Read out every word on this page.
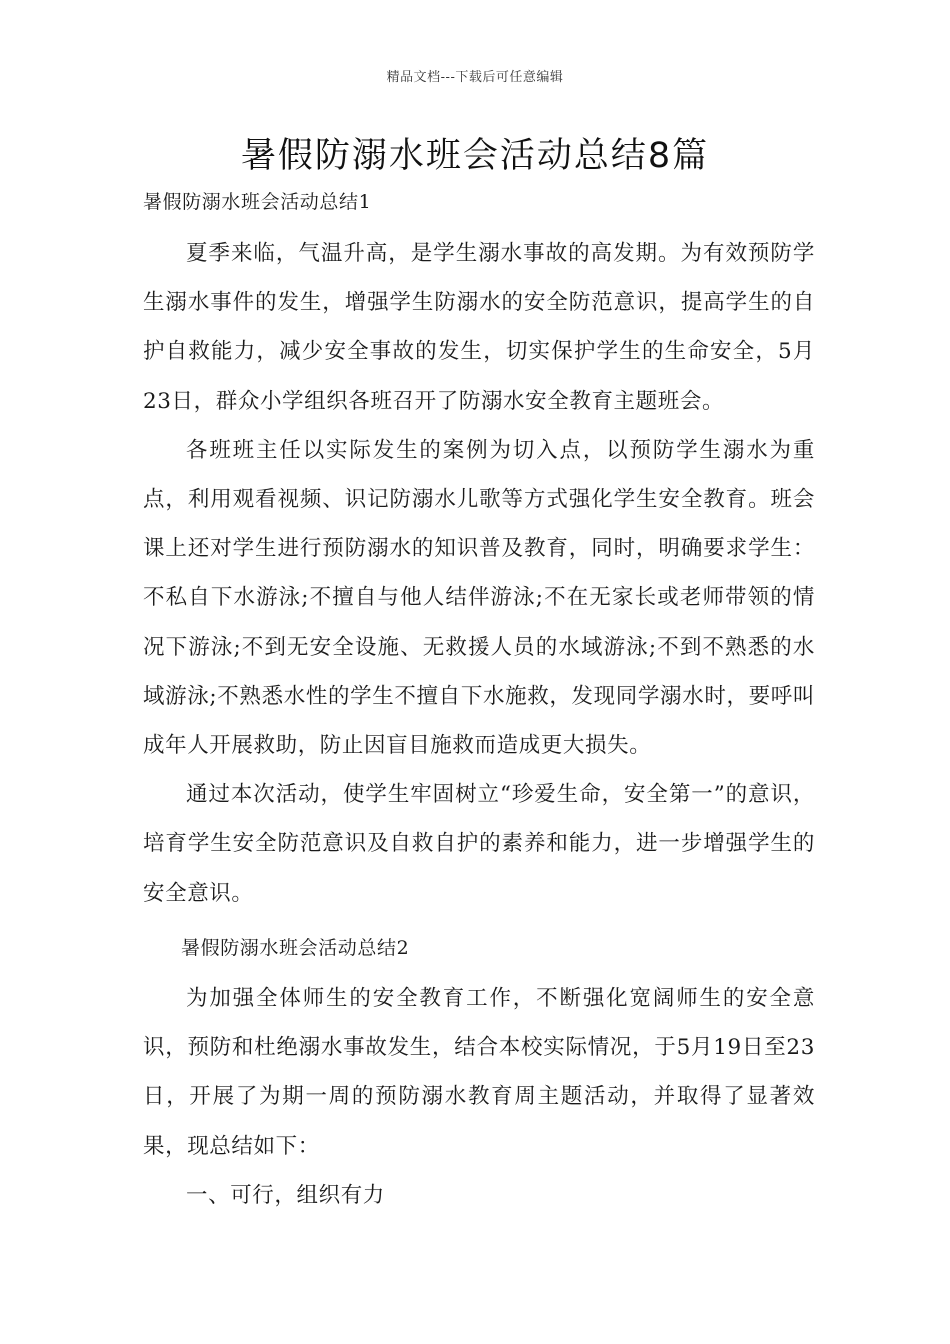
精品文档---下载后可任意编辑
暑假防溺水班会活动总结8篇
暑假防溺水班会活动总结1

夏季来临，气温升高，是学生溺水事故的高发期。为有效预防学生溺水事件的发生，增强学生防溺水的安全防范意识，提高学生的自护自救能力，减少安全事故的发生，切实保护学生的生命安全，5月23日，群众小学组织各班召开了防溺水安全教育主题班会。

各班班主任以实际发生的案例为切入点，以预防学生溺水为重点，利用观看视频、识记防溺水儿歌等方式强化学生安全教育。班会课上还对学生进行预防溺水的知识普及教育，同时，明确要求学生：不私自下水游泳;不擅自与他人结伴游泳;不在无家长或老师带领的情况下游泳;不到无安全设施、无救援人员的水域游泳;不到不熟悉的水域游泳;不熟悉水性的学生不擅自下水施救，发现同学溺水时，要呼叫成年人开展救助，防止因盲目施救而造成更大损失。

通过本次活动，使学生牢固树立“珍爱生命，安全第一”的意识，培育学生安全防范意识及自救自护的素养和能力，进一步增强学生的安全意识。

暑假防溺水班会活动总结2

为加强全体师生的安全教育工作，不断强化宽阔师生的安全意识，预防和杜绝溺水事故发生，结合本校实际情况，于5月19日至23日，开展了为期一周的预防溺水教育周主题活动，并取得了显著效果，现总结如下：

一、可行，组织有力
